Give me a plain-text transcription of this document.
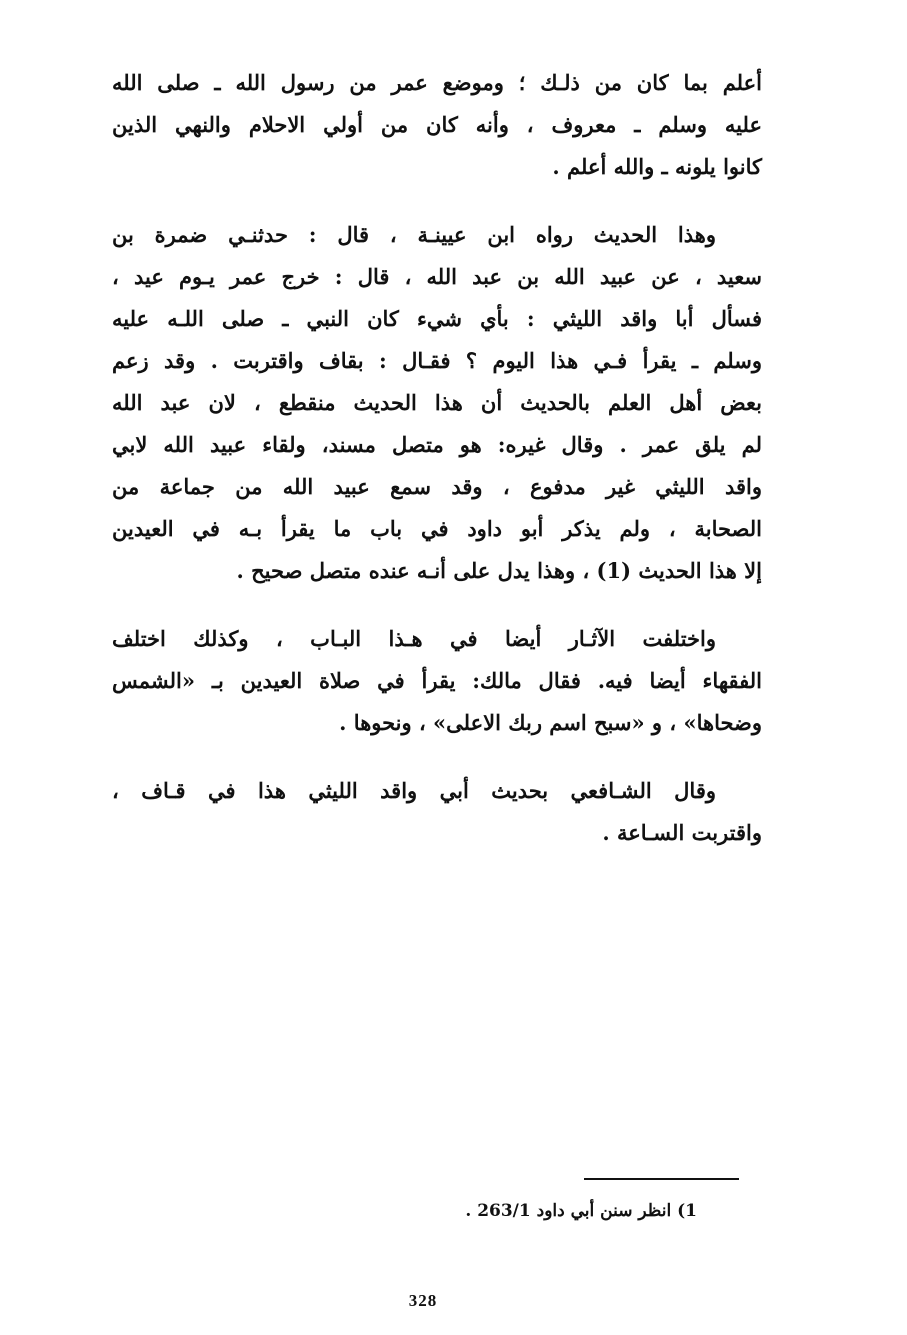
أعلم بما كان من ذلـك ؛ وموضع عمر من رسول الله ـ صلى الله
عليه وسلم ـ معروف ، وأنه كان من أولي الاحلام والنهي الذين
كانوا يلونه ـ والله أعلم .

وهذا الحديث رواه ابن عيينـة ، قال : حدثنـي ضمرة بن
سعيد ، عن عبيد الله بن عبد الله ، قال : خرج عمر يـوم عيد ،
فسأل أبا واقد الليثي : بأي شيء كان النبي ـ صلى اللـه عليه
وسلم ـ يقرأ فـي هذا اليوم ؟ فقـال : بقاف واقتربت . وقد زعم
بعض أهل العلم بالحديث أن هذا الحديث منقطع ، لان عبد الله
لم يلق عمر . وقال غيره: هو متصل مسند، ولقاء عبيد الله لابي
واقد الليثي غير مدفوع ، وقد سمع عبيد الله من جماعة من
الصحابة ، ولم يذكر أبو داود في باب ما يقرأ بـه في العيدين
إلا هذا الحديث (1) ، وهذا يدل على أنـه عنده متصل صحيح .

واختلفت الآثـار أيضا في هـذا البـاب ، وكذلك اختلف
الفقهاء أيضا فيه. فقال مالك: يقرأ في صلاة العيدين بـ «الشمس
وضحاها» ، و «سبح اسم ربك الاعلى» ، ونحوها .

وقال الشـافعي بحديث أبي واقد الليثي هذا في قـاف ،
واقتربت السـاعة .

1) انظر سنن أبي داود 263/1 .
328
